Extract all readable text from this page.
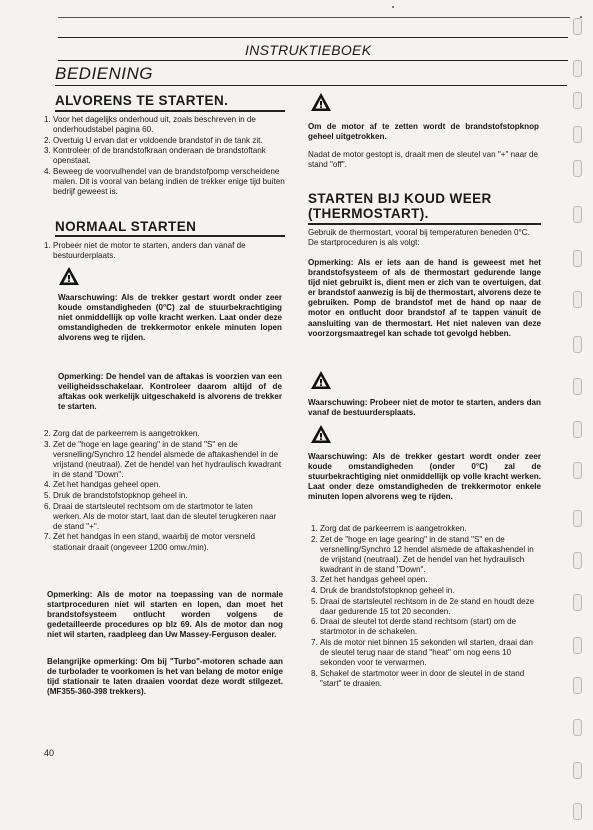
INSTRUKTIEBOEK
BEDIENING
ALVORENS TE STARTEN.
1. Voor het dagelijks onderhoud uit, zoals beschreven in de onderhoudstabel pagina 60.
2. Overtuig U ervan dat er voldoende brandstof in de tank zit.
3. Kontroleer of de brandstofkraan onderaan de brandstoftank openstaat.
4. Beweeg de voorvulhendel van de brandstofpomp verscheidene malen. Dit is vooral van belang indien de trekker enige tijd buiten bedrijf geweest is.
NORMAAL STARTEN
1. Probeer niet de motor te starten, anders dan vanaf de bestuurderplaats.
Waarschuwing: Als de trekker gestart wordt onder zeer koude omstandigheden (0°C) zal de stuurbekrachtiging niet onmiddellijk op volle kracht werken. Laat onder deze omstandigheden de trekkermotor enkele minuten lopen alvorens weg te rijden.
Opmerking: De hendel van de aftakas is voorzien van een veiligheidsschakelaar. Kontroleer daarom altijd of de aftakas ook werkelijk uitgeschakeld is alvorens de trekker te starten.
2. Zorg dat de parkeerrem is aangetrokken.
3. Zet de "hoge en lage gearing" in de stand "S" en de versnelling/Synchro 12 hendel alsmede de aftakashendel in de vrijstand (neutraal). Zet de hendel van het hydraulisch kwadrant in de stand "Down".
4. Zet het handgas geheel open.
5. Druk de brandstofstopknop geheel in.
6. Draai de startsleutel rechtsom om de startmotor te laten werken. Als de motor start, laat dan de sleutel terugkeren naar de stand "+".
7. Zet het handgas in een stand, waarbij de motor versneld stationair draait (ongeveer 1200 omw./min).
Opmerking: Als de motor na toepassing van de normale startproceduren niet wil starten en lopen, dan moet het brandstofsysteem ontlucht worden volgens de gedetailleerde procedures op blz 69. Als de motor dan nog niet wil starten, raadpleeg dan Uw Massey-Ferguson dealer.
Belangrijke opmerking: Om bij "Turbo"-motoren schade aan de turbolader te voorkomen is het van belang de motor enige tijd stationair te laten draaien voordat deze wordt stilgezet. (MF355-360-398 trekkers).
40
Om de motor af te zetten wordt de brandstofstopknop geheel uitgetrokken.
Nadat de motor gestopt is, draait men de sleutel van "+" naar de stand "off".
STARTEN BIJ KOUD WEER (THERMOSTART).
Gebruik de thermostart, vooral bij temperaturen beneden 0°C. De startproceduren is als volgt:
Opmerking: Als er iets aan de hand is geweest met het brandstofsysteem of als de thermostart gedurende lange tijd niet gebruikt is, dient men er zich van te overtuigen, dat er brandstof aanwezig is bij de thermostart, alvorens deze te gebruiken. Pomp de brandstof met de hand op naar de motor en ontlucht door brandstof af te tappen vanuit de aansluiting van de thermostart. Het niet naleven van deze voorzorgsmaatregel kan schade tot gevolgd hebben.
Waarschuwing: Probeer niet de motor te starten, anders dan vanaf de bestuurdersplaats.
Waarschuwing: Als de trekker gestart wordt onder zeer koude omstandigheden (onder 0°C) zal de stuurbekrachtiging niet onmiddellijk op volle kracht werken. Laat onder deze omstandigheden de trekkermotor enkele minuten lopen alvorens weg te rijden.
1. Zorg dat de parkeerrem is aangetrokken.
2. Zet de "hoge en lage gearing" in de stand "S" en de versnelling/Synchro 12 hendel alsmede de aftakashendel in de vrijstand (neutraal). Zet de hendel van het hydraulisch kwadrant in de stand "Down".
3. Zet het handgas geheel open.
4. Druk de brandstofstopknop geheel in.
5. Draai de startsleutel rechtsom in de 2e stand en houdt deze daar gedurende 15 tot 20 seconden.
6. Draai de sleutel tot derde stand rechtsom (start) om de startmotor in de schakelen.
7. Als de motor niet binnen 15 sekonden wil starten, draai dan de sleutel terug naar de stand "heat" om nog eens 10 sekonden voor te verwarmen.
8. Schakel de startmotor weer in door de sleutel in de stand "start" te draaien.
